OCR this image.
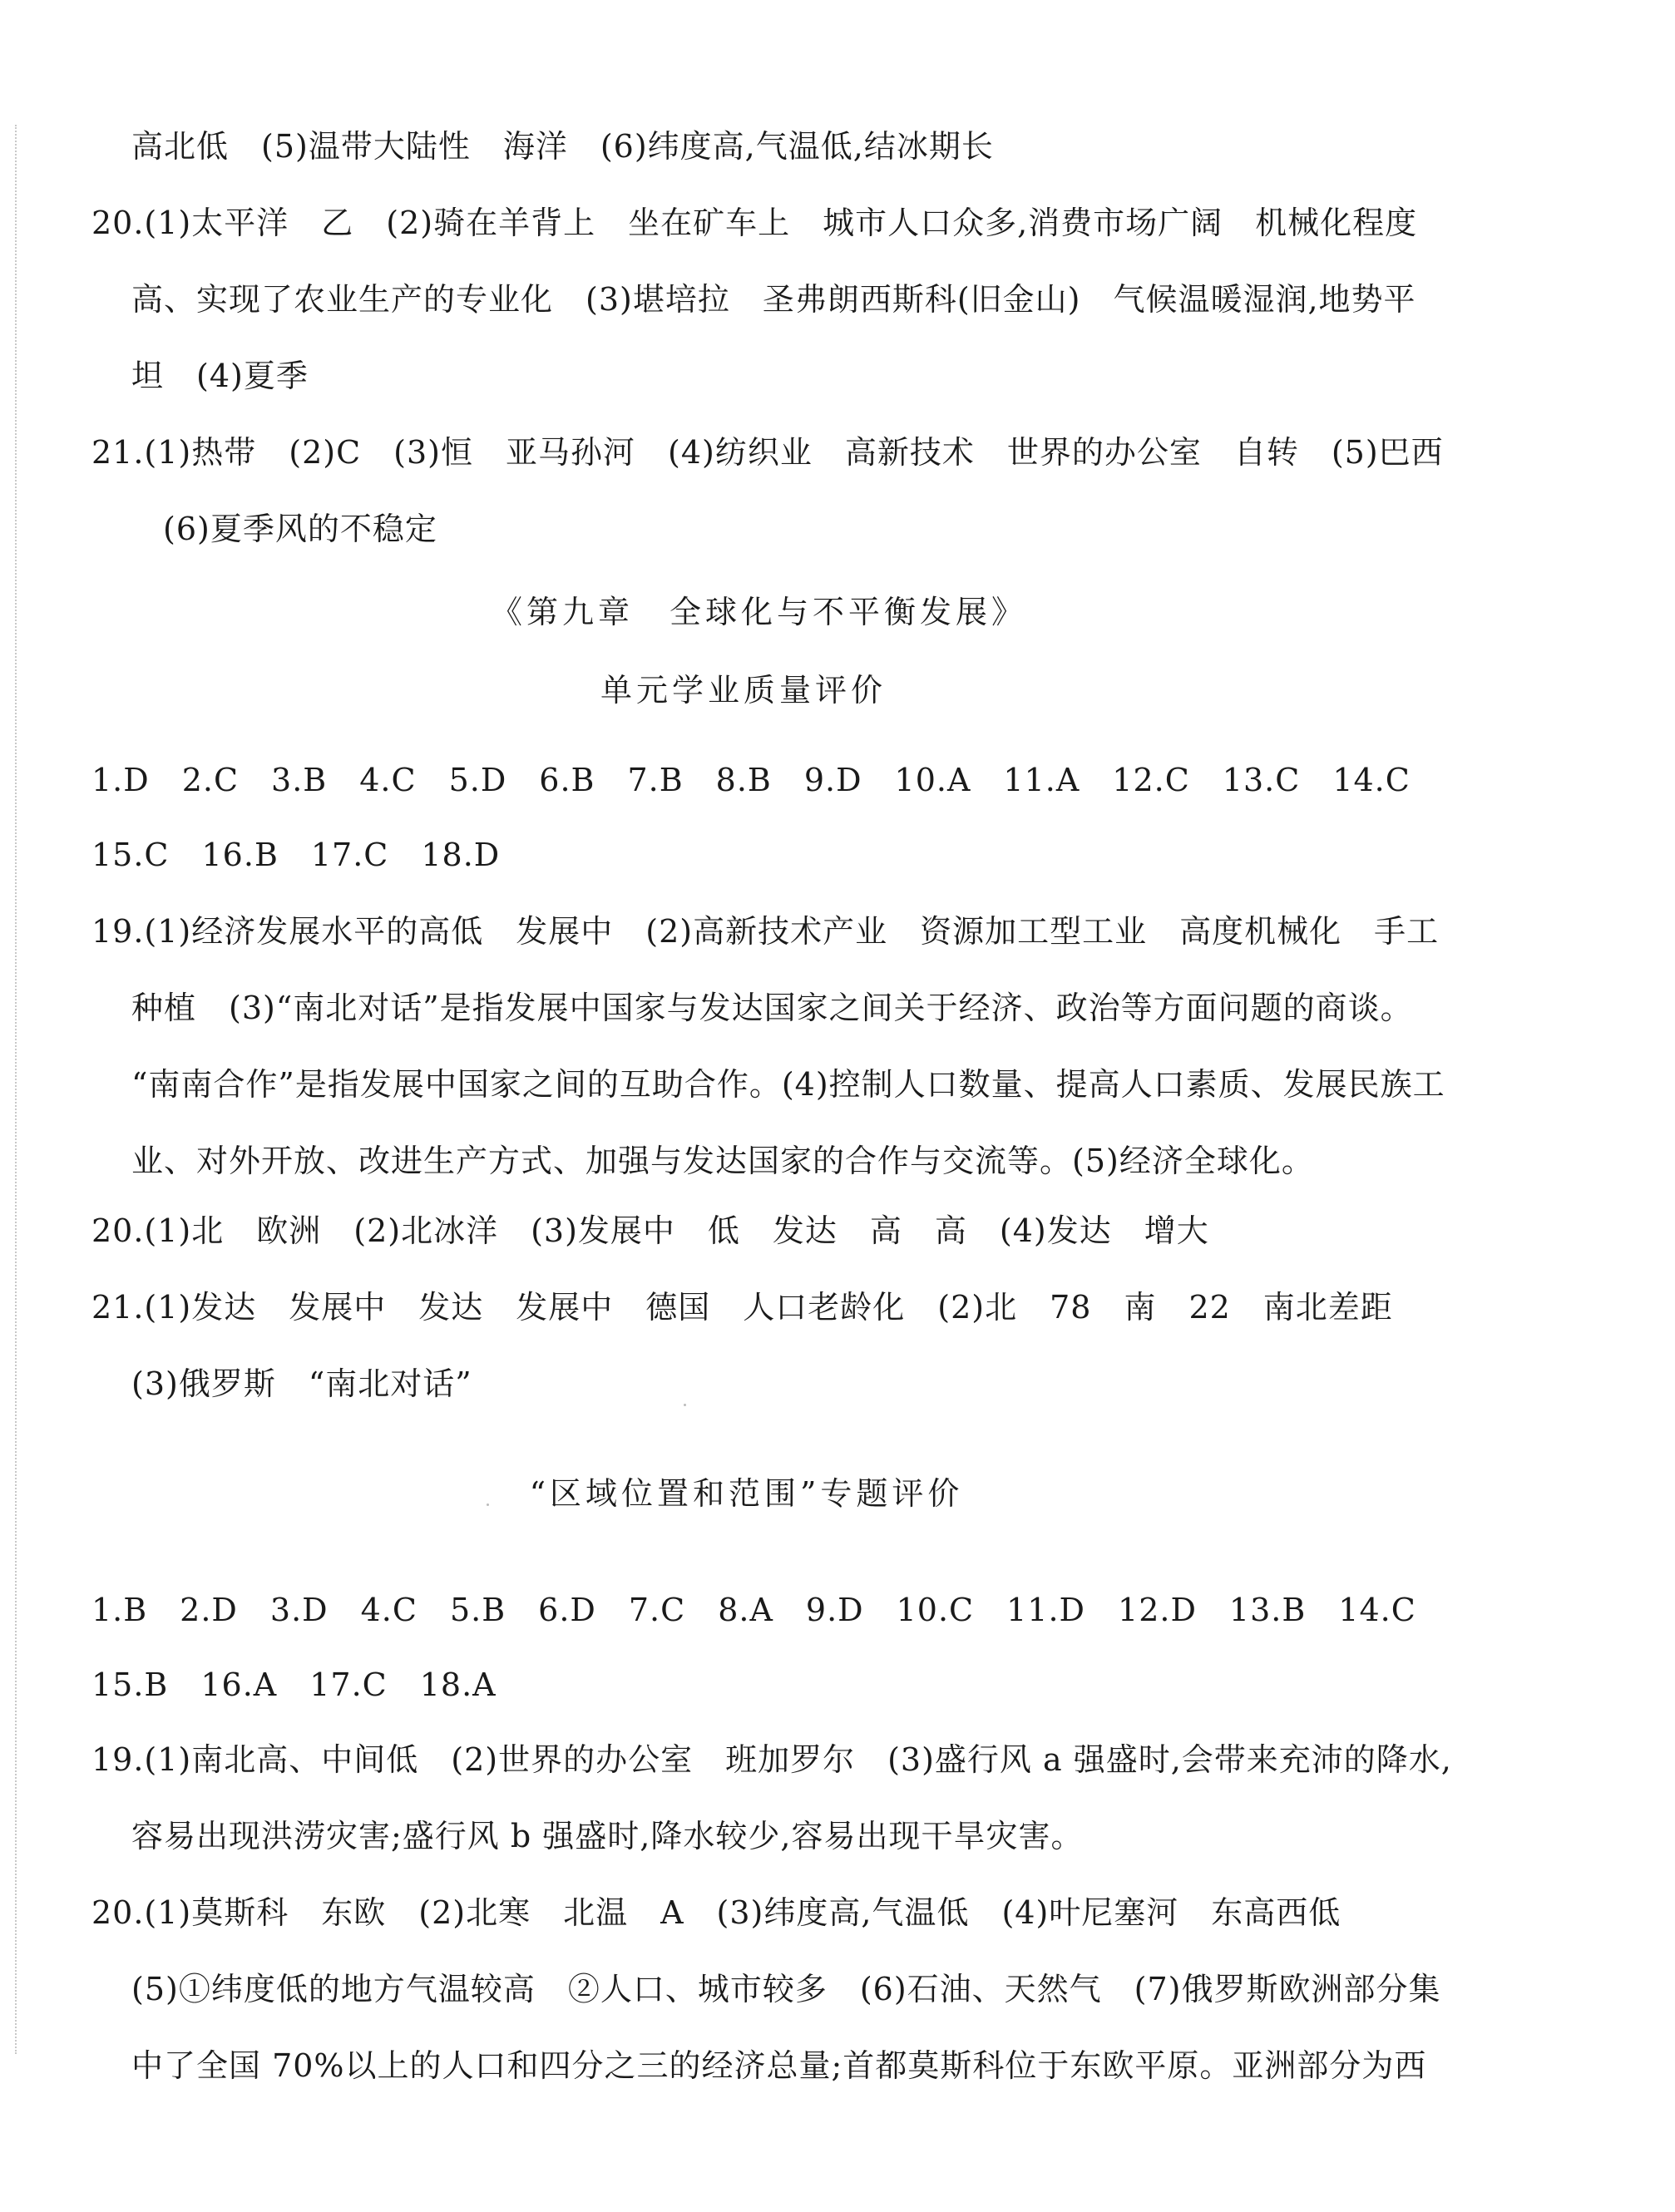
高北低　(5)温带大陆性　海洋　(6)纬度高,气温低,结冰期长
20.(1)太平洋　乙　(2)骑在羊背上　坐在矿车上　城市人口众多,消费市场广阔　机械化程度
高、实现了农业生产的专业化　(3)堪培拉　圣弗朗西斯科(旧金山)　气候温暖湿润,地势平
坦　(4)夏季
21.(1)热带　(2)C　(3)恒　亚马孙河　(4)纺织业　高新技术　世界的办公室　自转　(5)巴西
(6)夏季风的不稳定
《第九章　全球化与不平衡发展》
单元学业质量评价
1.D　2.C　3.B　4.C　5.D　6.B　7.B　8.B　9.D　10.A　11.A　12.C　13.C　14.C
15.C　16.B　17.C　18.D
19.(1)经济发展水平的高低　发展中　(2)高新技术产业　资源加工型工业　高度机械化　手工
种植　(3)“南北对话”是指发展中国家与发达国家之间关于经济、政治等方面问题的商谈。
“南南合作”是指发展中国家之间的互助合作。(4)控制人口数量、提高人口素质、发展民族工
业、对外开放、改进生产方式、加强与发达国家的合作与交流等。(5)经济全球化。
20.(1)北　欧洲　(2)北冰洋　(3)发展中　低　发达　高　高　(4)发达　增大
21.(1)发达　发展中　发达　发展中　德国　人口老龄化　(2)北　78　南　22　南北差距
(3)俄罗斯　“南北对话”
“区域位置和范围”专题评价
1.B　2.D　3.D　4.C　5.B　6.D　7.C　8.A　9.D　10.C　11.D　12.D　13.B　14.C
15.B　16.A　17.C　18.A
19.(1)南北高、中间低　(2)世界的办公室　班加罗尔　(3)盛行风 a 强盛时,会带来充沛的降水,
容易出现洪涝灾害;盛行风 b 强盛时,降水较少,容易出现干旱灾害。
20.(1)莫斯科　东欧　(2)北寒　北温　A　(3)纬度高,气温低　(4)叶尼塞河　东高西低
(5)①纬度低的地方气温较高　②人口、城市较多　(6)石油、天然气　(7)俄罗斯欧洲部分集
中了全国 70%以上的人口和四分之三的经济总量;首都莫斯科位于东欧平原。亚洲部分为西
